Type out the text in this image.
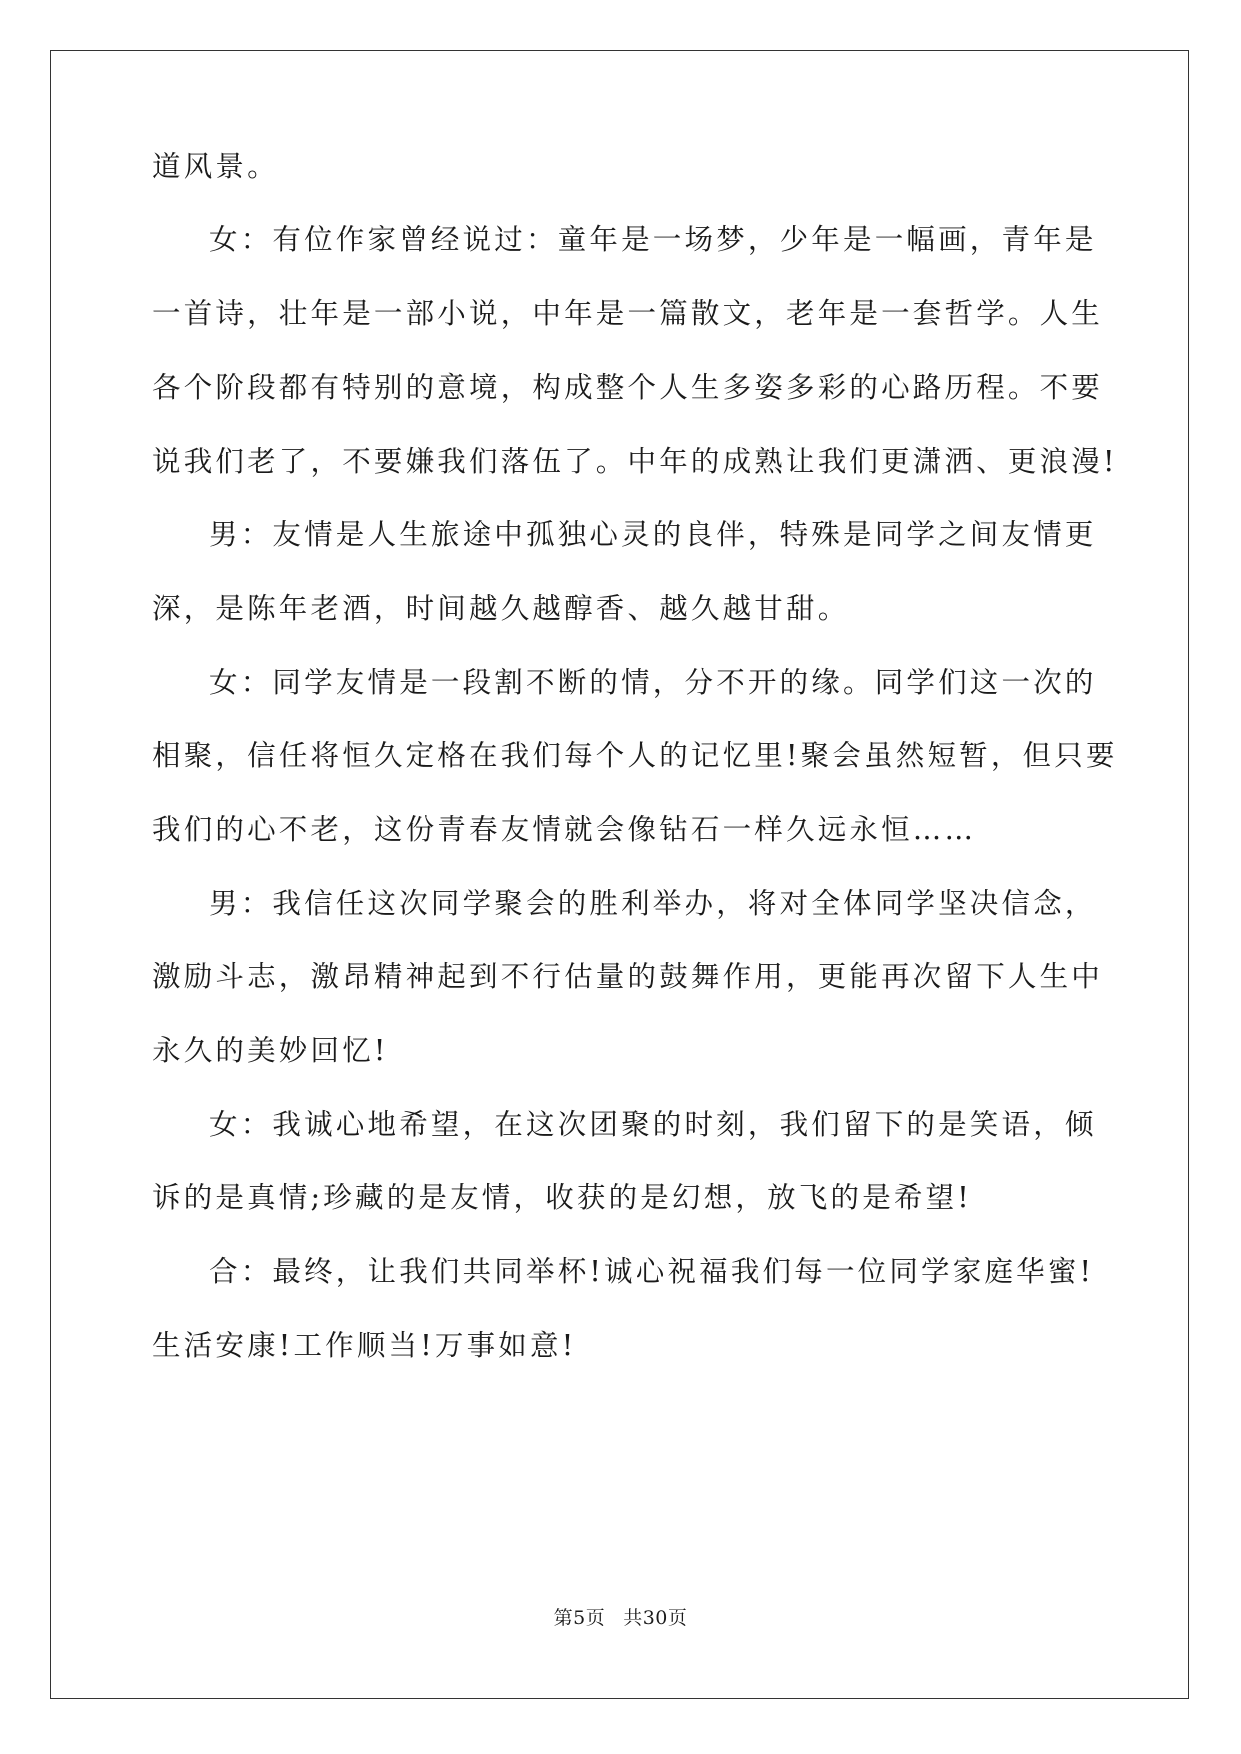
道风景。
女：有位作家曾经说过：童年是一场梦，少年是一幅画，青年是
一首诗，壮年是一部小说，中年是一篇散文，老年是一套哲学。人生
各个阶段都有特别的意境，构成整个人生多姿多彩的心路历程。不要
说我们老了，不要嫌我们落伍了。中年的成熟让我们更潇洒、更浪漫!
男：友情是人生旅途中孤独心灵的良伴，特殊是同学之间友情更
深，是陈年老酒，时间越久越醇香、越久越甘甜。
女：同学友情是一段割不断的情，分不开的缘。同学们这一次的
相聚，信任将恒久定格在我们每个人的记忆里!聚会虽然短暂，但只要
我们的心不老，这份青春友情就会像钻石一样久远永恒……
男：我信任这次同学聚会的胜利举办，将对全体同学坚决信念，
激励斗志，激昂精神起到不行估量的鼓舞作用，更能再次留下人生中
永久的美妙回忆!
女：我诚心地希望，在这次团聚的时刻，我们留下的是笑语，倾
诉的是真情;珍藏的是友情，收获的是幻想，放飞的是希望!
合：最终，让我们共同举杯!诚心祝福我们每一位同学家庭华蜜!
生活安康!工作顺当!万事如意!
第5页 共30页
